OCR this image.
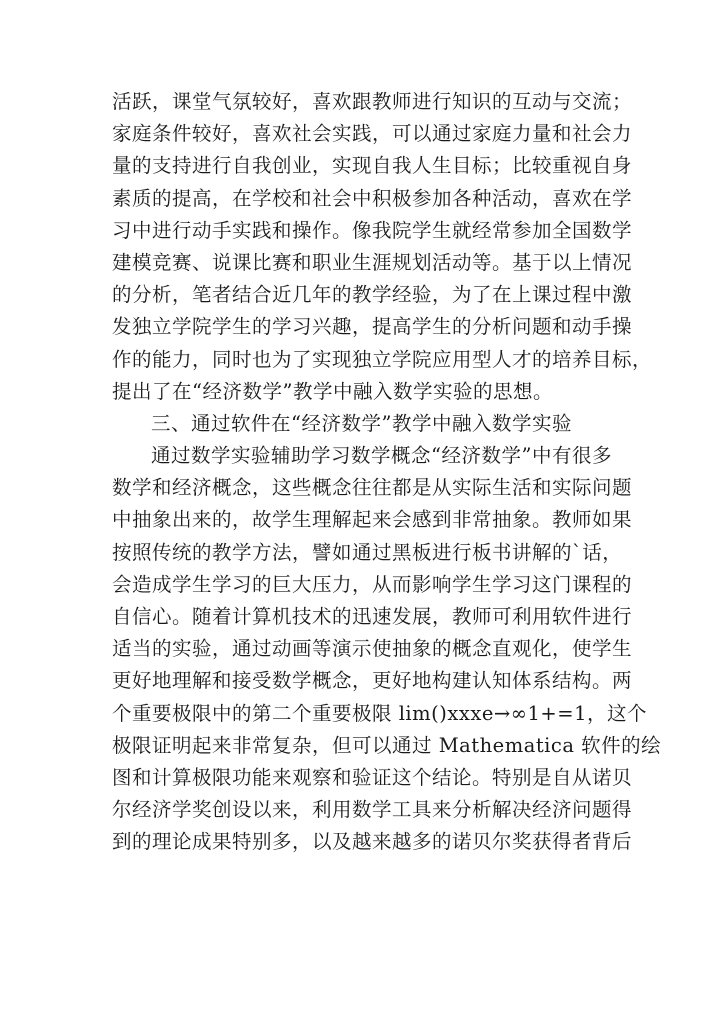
活跃，课堂气氛较好，喜欢跟教师进行知识的互动与交流；
家庭条件较好，喜欢社会实践，可以通过家庭力量和社会力
量的支持进行自我创业，实现自我人生目标；比较重视自身
素质的提高，在学校和社会中积极参加各种活动，喜欢在学
习中进行动手实践和操作。像我院学生就经常参加全国数学
建模竞赛、说课比赛和职业生涯规划活动等。基于以上情况
的分析，笔者结合近几年的教学经验，为了在上课过程中激
发独立学院学生的学习兴趣，提高学生的分析问题和动手操
作的能力，同时也为了实现独立学院应用型人才的培养目标，
提出了在“经济数学”教学中融入数学实验的思想。
三、通过软件在“经济数学”教学中融入数学实验
通过数学实验辅助学习数学概念“经济数学”中有很多
数学和经济概念，这些概念往往都是从实际生活和实际问题
中抽象出来的，故学生理解起来会感到非常抽象。教师如果
按照传统的教学方法，譬如通过黑板进行板书讲解的`话，
会造成学生学习的巨大压力，从而影响学生学习这门课程的
自信心。随着计算机技术的迅速发展，教师可利用软件进行
适当的实验，通过动画等演示使抽象的概念直观化，使学生
更好地理解和接受数学概念，更好地构建认知体系结构。两
个重要极限中的第二个重要极限 lim()xxxe→∞1+=1，这个
极限证明起来非常复杂，但可以通过 Mathematica 软件的绘
图和计算极限功能来观察和验证这个结论。特别是自从诺贝
尔经济学奖创设以来，利用数学工具来分析解决经济问题得
到的理论成果特别多，以及越来越多的诺贝尔奖获得者背后
